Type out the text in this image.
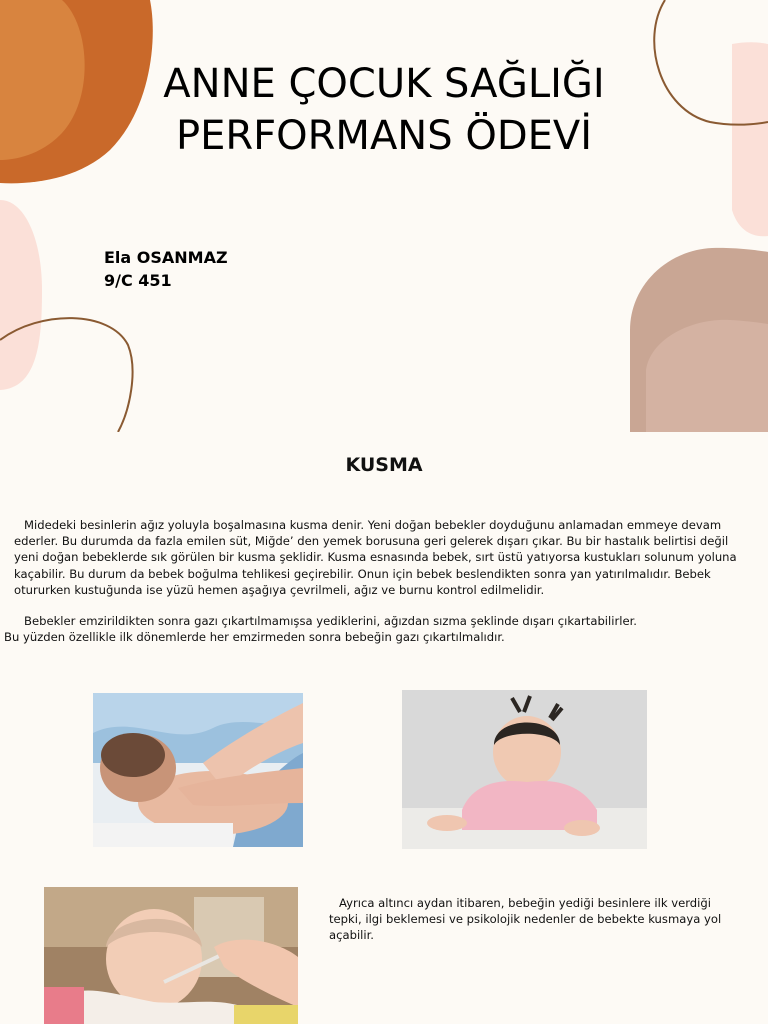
ANNE ÇOCUK SAĞLIĞI
PERFORMANS ÖDEVİ
Ela OSANMAZ
9/C 451
KUSMA

Midedeki besinlerin ağız yoluyla boşalmasına kusma denir. Yeni doğan bebekler doyduğunu anlamadan emmeye devam ederler. Bu durumda da fazla emilen süt, Miğde’ den yemek borusuna geri gelerek dışarı çıkar. Bu bir hastalık belirtisi değil yeni doğan bebeklerde sık görülen bir kusma şeklidir. Kusma esnasında bebek, sırt üstü yatıyorsa kustukları solunum yoluna kaçabilir. Bu durum da bebek boğulma tehlikesi geçirebilir. Onun için bebek beslendikten sonra yan yatırılmalıdır. Bebek otururken kustuğunda ise yüzü hemen aşağıya çevrilmeli, ağız ve burnu kontrol edilmelidir.

Bebekler emzirildikten sonra gazı çıkartılmamışsa yediklerini, ağızdan sızma şeklinde dışarı çıkartabilirler.
Bu yüzden özellikle ilk dönemlerde her emzirmeden sonra bebeğin gazı çıkartılmalıdır.

Ayrıca altıncı aydan itibaren, bebeğin yediği besinlere ilk verdiği tepki, ilgi beklemesi ve psikolojik nedenler de bebekte kusmaya yol açabilir.
